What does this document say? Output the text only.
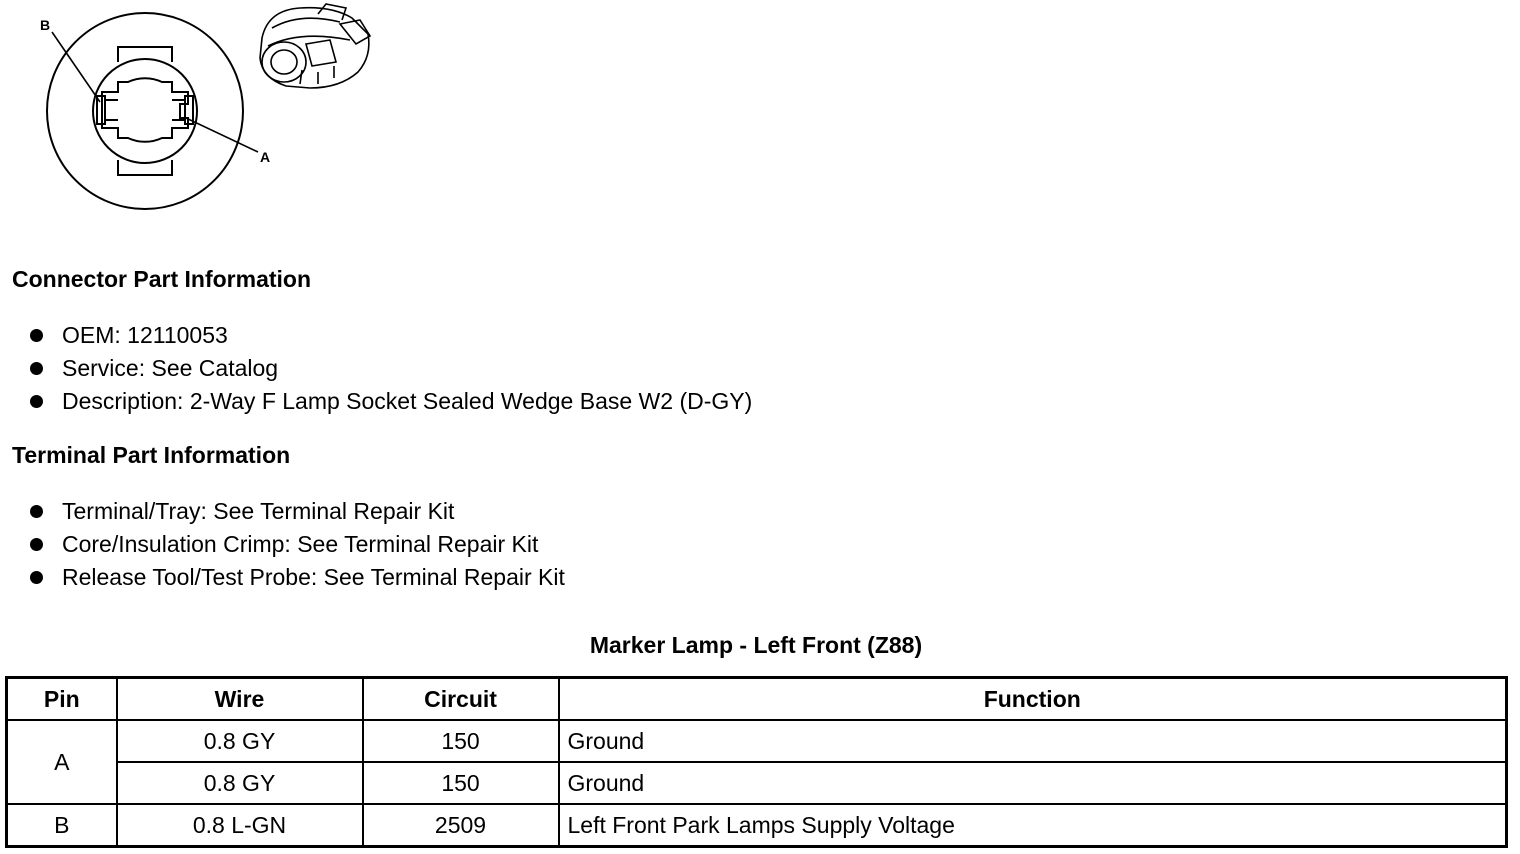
B
A
Connector Part Information
OEM: 12110053
Service: See Catalog
Description: 2-Way F Lamp Socket Sealed Wedge Base W2 (D-GY)
Terminal Part Information
Terminal/Tray: See Terminal Repair Kit
Core/Insulation Crimp: See Terminal Repair Kit
Release Tool/Test Probe: See Terminal Repair Kit
Marker Lamp - Left Front (Z88)
Pin	Wire	Circuit	Function
A	0.8 GY	150	Ground
	0.8 GY	150	Ground
B	0.8 L-GN	2509	Left Front Park Lamps Supply Voltage
